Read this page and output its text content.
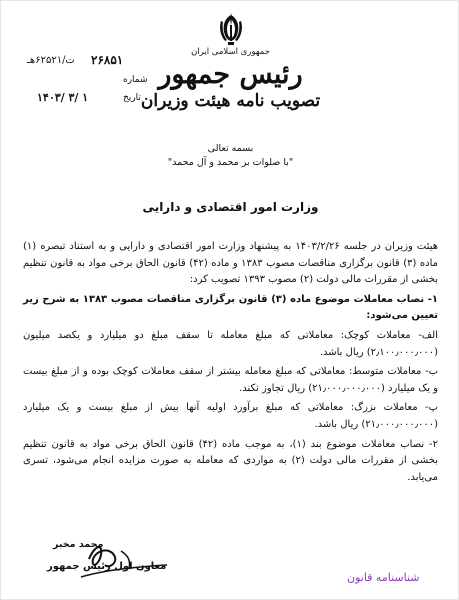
جمهوری اسلامی ایران
رئیس جمهور
تصویب نامه هیئت وزیران
۲۶۸۵۱
ت/۶۲۵۲۱هـ
شماره
تاریخ
۱۴۰۳/ ۳/ ۱
بسمه تعالی
"با صلوات بر محمد و آل محمد"
وزارت امور اقتصادی و دارایی

هیئت وزیران در جلسه ۱۴۰۳/۲/۲۶ به پیشنهاد وزارت امور اقتصادی و دارایی و به استناد تبصره (۱) ماده (۳) قانون برگزاری مناقصات مصوب ۱۳۸۳ و ماده (۴۲) قانون الحاق برخی مواد به قانون تنظیم بخشی از مقررات مالی دولت (۲) مصوب ۱۳۹۳ تصویب کرد:

۱- نصاب معاملات موضوع ماده (۳) قانون برگزاری مناقصات مصوب ۱۳۸۳ به شرح زیر تعیین می‌شود:

الف- معاملات کوچک: معاملاتی که مبلغ معامله تا سقف مبلغ دو میلیارد و یکصد میلیون (۲٫۱۰۰٫۰۰۰٫۰۰۰) ریال باشد.

ب- معاملات متوسط: معاملاتی که مبلغ معامله بیشتر از سقف معاملات کوچک بوده و از مبلغ بیست و یک میلیارد (۲۱٫۰۰۰٫۰۰۰٫۰۰۰) ریال تجاوز نکند.

پ- معاملات بزرگ: معاملاتی که مبلغ برآورد اولیه آنها بیش از مبلغ بیست و یک میلیارد (۲۱٫۰۰۰٫۰۰۰٫۰۰۰) ریال باشد.

۲- نصاب معاملات موضوع بند (۱)، به موجب ماده (۴۲) قانون الحاق برخی مواد به قانون تنظیم بخشی از مقررات مالی دولت (۲) به مواردی که معامله به صورت مزایده انجام می‌شود، تسری می‌یابد.

محمد مخبر
معاون اول رئیس جمهور
شناسنامه قانون
